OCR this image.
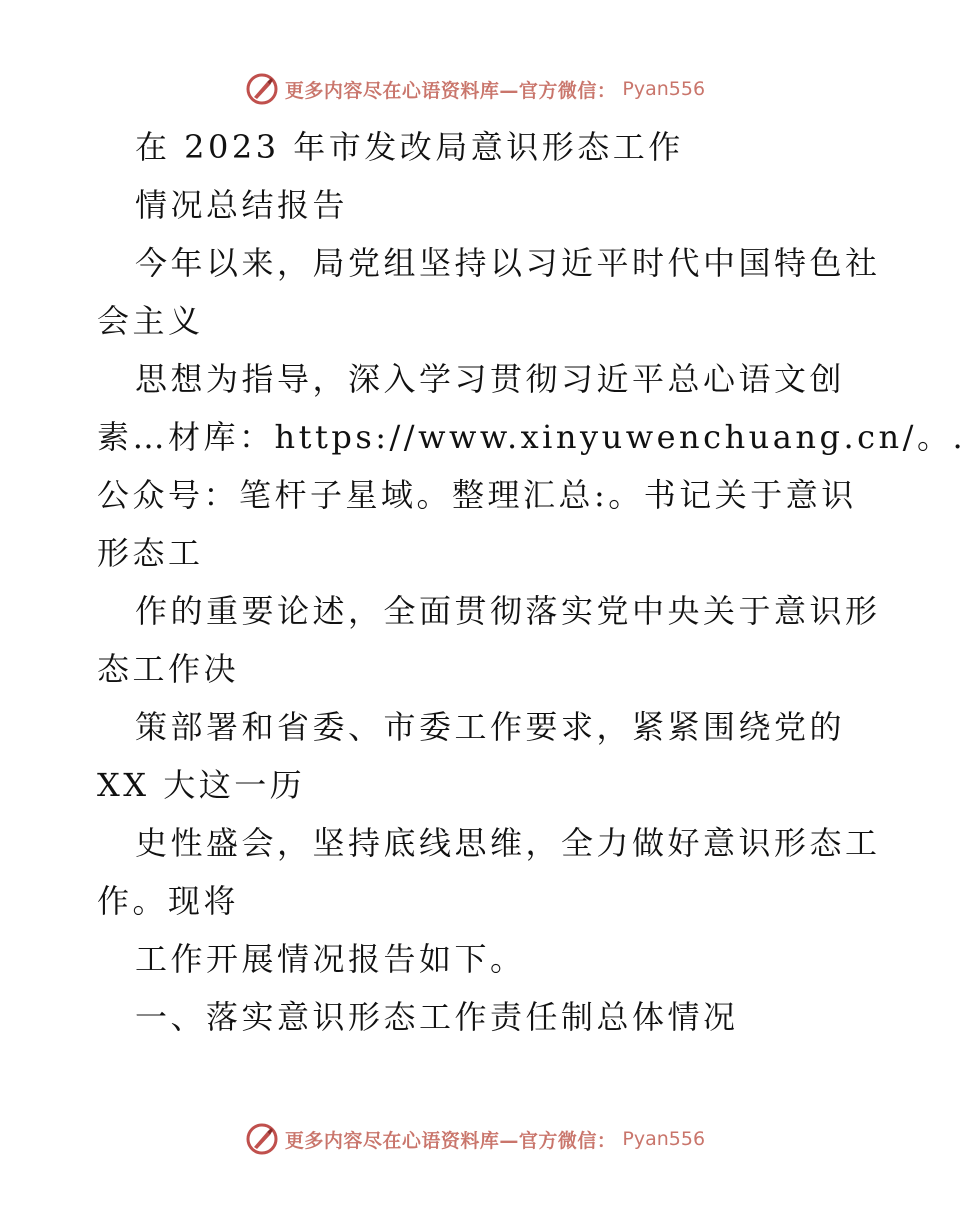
更多内容尽在心语资料库—官方微信： Pyan556
在 2023 年市发改局意识形态工作
情况总结报告
今年以来，局党组坚持以习近平时代中国特色社
会主义
思想为指导，深入学习贯彻习近平总心语文创
素…材库：https://www.xinyuwenchuang.cn/。.
公众号：笔杆子星域。整理汇总:。书记关于意识
形态工
作的重要论述，全面贯彻落实党中央关于意识形
态工作决
策部署和省委、市委工作要求，紧紧围绕党的
XX 大这一历
史性盛会，坚持底线思维，全力做好意识形态工
作。现将
工作开展情况报告如下。
一、落实意识形态工作责任制总体情况
更多内容尽在心语资料库—官方微信： Pyan556
